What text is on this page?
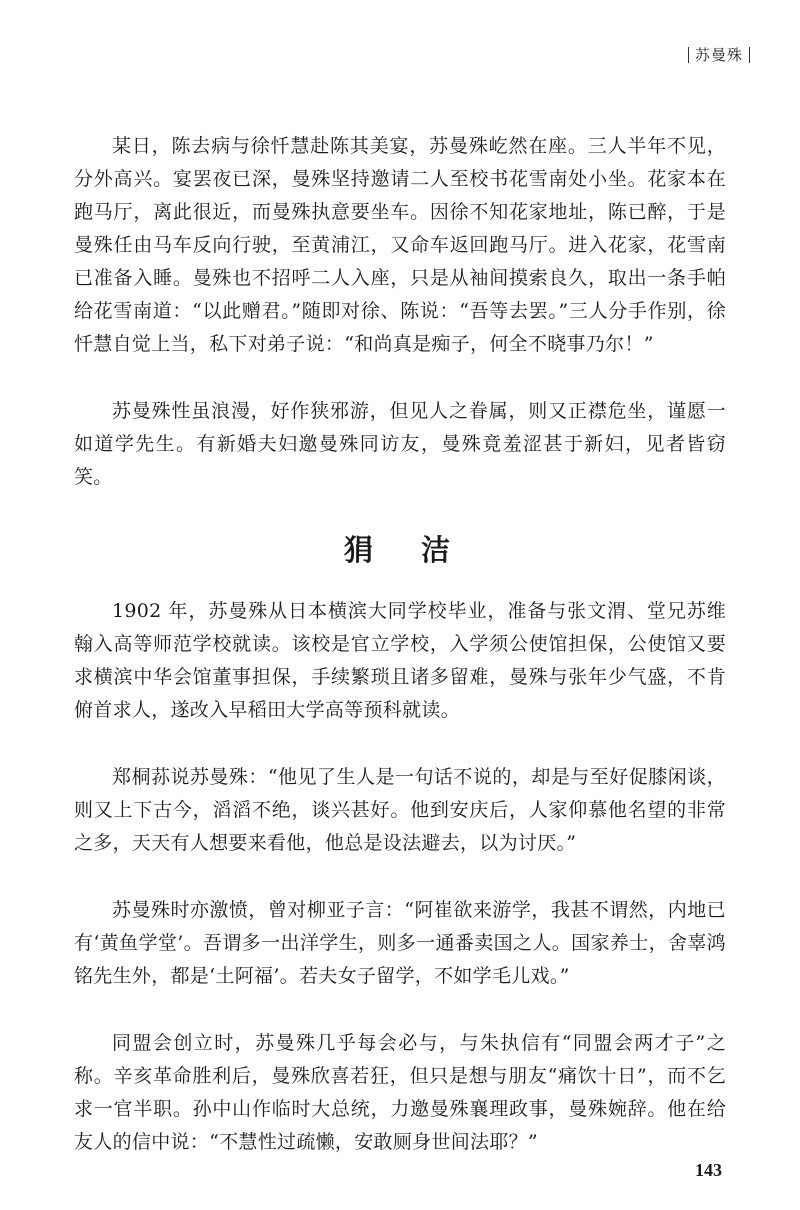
苏曼殊

某日，陈去病与徐忏慧赴陈其美宴，苏曼殊屹然在座。三人半年不见，分外高兴。宴罢夜已深，曼殊坚持邀请二人至校书花雪南处小坐。花家本在跑马厅，离此很近，而曼殊执意要坐车。因徐不知花家地址，陈已醉，于是曼殊任由马车反向行驶，至黄浦江，又命车返回跑马厅。进入花家，花雪南已准备入睡。曼殊也不招呼二人入座，只是从袖间摸索良久，取出一条手帕给花雪南道：“以此赠君。”随即对徐、陈说：“吾等去罢。”三人分手作别，徐忏慧自觉上当，私下对弟子说：“和尚真是痴子，何全不晓事乃尔！”

苏曼殊性虽浪漫，好作狭邪游，但见人之眷属，则又正襟危坐，谨愿一如道学先生。有新婚夫妇邀曼殊同访友，曼殊竟羞涩甚于新妇，见者皆窃笑。

狷 洁

1902 年，苏曼殊从日本横滨大同学校毕业，准备与张文渭、堂兄苏维翰入高等师范学校就读。该校是官立学校，入学须公使馆担保，公使馆又要求横滨中华会馆董事担保，手续繁琐且诸多留难，曼殊与张年少气盛，不肯俯首求人，遂改入早稻田大学高等预科就读。

郑桐荪说苏曼殊：“他见了生人是一句话不说的，却是与至好促膝闲谈，则又上下古今，滔滔不绝，谈兴甚好。他到安庆后，人家仰慕他名望的非常之多，天天有人想要来看他，他总是设法避去，以为讨厌。”

苏曼殊时亦激愤，曾对柳亚子言：“阿崔欲来游学，我甚不谓然，内地已有‘黄鱼学堂’。吾谓多一出洋学生，则多一通番卖国之人。国家养士，舍辜鸿铭先生外，都是‘土阿福’。若夫女子留学，不如学毛儿戏。”

同盟会创立时，苏曼殊几乎每会必与，与朱执信有“同盟会两才子”之称。辛亥革命胜利后，曼殊欣喜若狂，但只是想与朋友“痛饮十日”，而不乞求一官半职。孙中山作临时大总统，力邀曼殊襄理政事，曼殊婉辞。他在给友人的信中说：“不慧性过疏懒，安敢厕身世间法耶？”

143
